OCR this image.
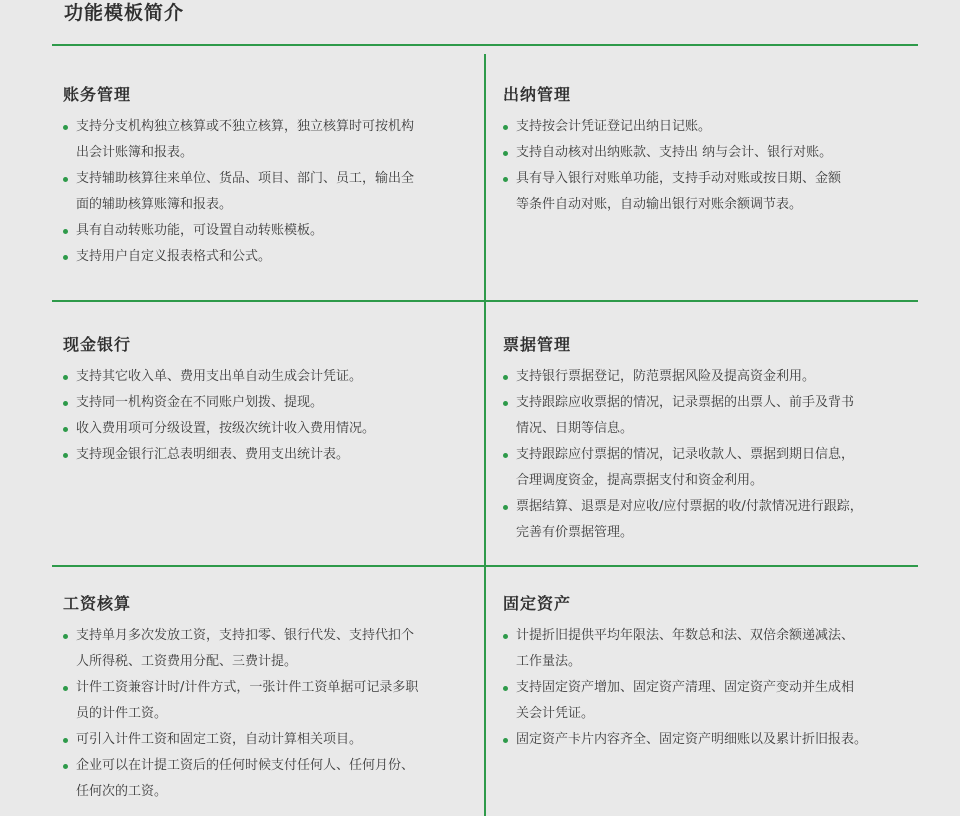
功能模板简介
账务管理
支持分支机构独立核算或不独立核算，独立核算时可按机构
出会计账簿和报表。
支持辅助核算往来单位、货品、项目、部门、员工，输出全
面的辅助核算账簿和报表。
具有自动转账功能，可设置自动转账模板。
支持用户自定义报表格式和公式。
出纳管理
支持按会计凭证登记出纳日记账。
支持自动核对出纳账款、支持出 纳与会计、银行对账。
具有导入银行对账单功能，支持手动对账或按日期、金额
等条件自动对账，自动输出银行对账余额调节表。
现金银行
支持其它收入单、费用支出单自动生成会计凭证。
支持同一机构资金在不同账户划拨、提现。
收入费用项可分级设置，按级次统计收入费用情况。
支持现金银行汇总表明细表、费用支出统计表。
票据管理
支持银行票据登记，防范票据风险及提高资金利用。
支持跟踪应收票据的情况，记录票据的出票人、前手及背书
情况、日期等信息。
支持跟踪应付票据的情况，记录收款人、票据到期日信息，
合理调度资金，提高票据支付和资金利用。
票据结算、退票是对应收/应付票据的收/付款情况进行跟踪，
完善有价票据管理。
工资核算
支持单月多次发放工资，支持扣零、银行代发、支持代扣个
人所得税、工资费用分配、三费计提。
计件工资兼容计时/计件方式，一张计件工资单据可记录多职
员的计件工资。
可引入计件工资和固定工资，自动计算相关项目。
企业可以在计提工资后的任何时候支付任何人、任何月份、
任何次的工资。
固定资产
计提折旧提供平均年限法、年数总和法、双倍余额递减法、
工作量法。
支持固定资产增加、固定资产清理、固定资产变动并生成相
关会计凭证。
固定资产卡片内容齐全、固定资产明细账以及累计折旧报表。
